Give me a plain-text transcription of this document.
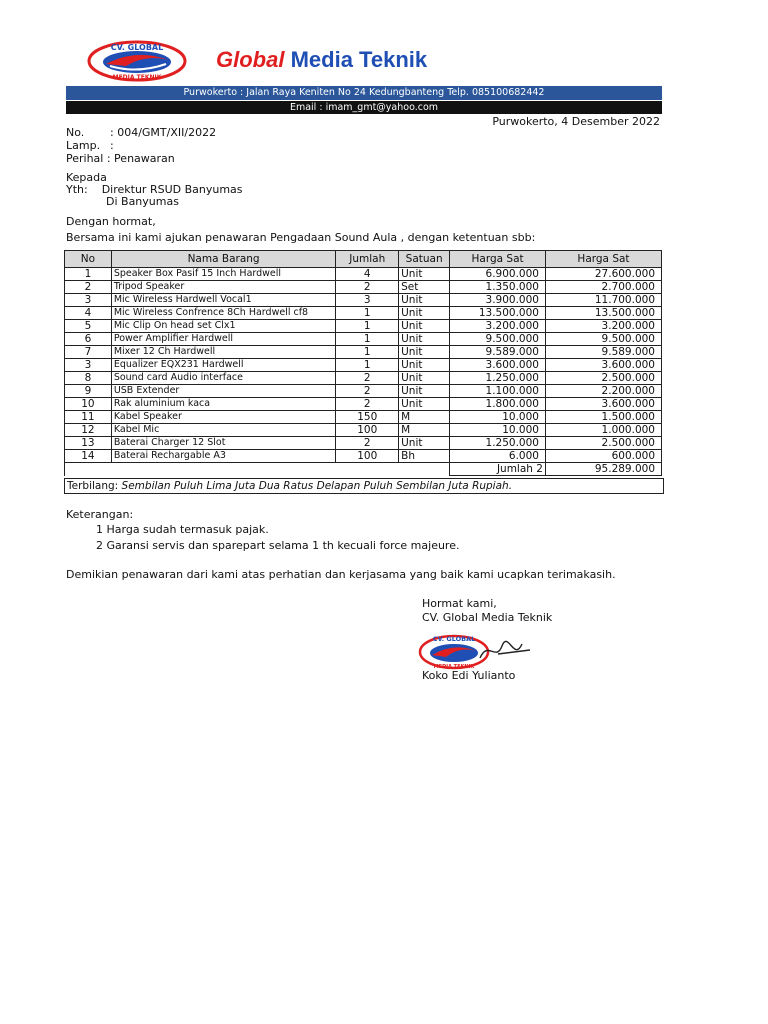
CV. GLOBAL
MEDIA TEKNIK
Global Media Teknik
Purwokerto : Jalan Raya Keniten No 24 Kedungbanteng Telp. 085100682442
Email : imam_gmt@yahoo.com
Purwokerto, 4 Desember 2022
No. : 004/GMT/XII/2022
Lamp. :
Perihal : Penawaran
Kepada
Yth:    Direktur RSUD Banyumas
Di Banyumas
Dengan hormat,
Bersama ini kami ajukan penawaran Pengadaan Sound Aula , dengan ketentuan sbb:
No	Nama Barang	Jumlah	Satuan	Harga Sat	Harga Sat
1	Speaker Box Pasif 15 Inch Hardwell	4	Unit	6.900.000	27.600.000
2	Tripod Speaker	2	Set	1.350.000	2.700.000
3	Mic Wireless Hardwell Vocal1	3	Unit	3.900.000	11.700.000
4	Mic Wireless Confrence 8Ch Hardwell cf8	1	Unit	13.500.000	13.500.000
5	Mic Clip On head set Clx1	1	Unit	3.200.000	3.200.000
6	Power Amplifier Hardwell	1	Unit	9.500.000	9.500.000
7	Mixer 12 Ch Hardwell	1	Unit	9.589.000	9.589.000
3	Equalizer EQX231 Hardwell	1	Unit	3.600.000	3.600.000
8	Sound card Audio interface	2	Unit	1.250.000	2.500.000
9	USB Extender	2	Unit	1.100.000	2.200.000
10	Rak aluminium kaca	2	Unit	1.800.000	3.600.000
11	Kabel Speaker	150	M	10.000	1.500.000
12	Kabel Mic	100	M	10.000	1.000.000
13	Baterai Charger 12 Slot	2	Unit	1.250.000	2.500.000
14	Baterai Rechargable A3	100	Bh	6.000	600.000
				Jumlah 2	95.289.000
Terbilang: Sembilan Puluh Lima Juta Dua Ratus Delapan Puluh Sembilan Juta Rupiah.
Keterangan:
1 Harga sudah termasuk pajak.
2 Garansi servis dan sparepart selama 1 th kecuali force majeure.
Demikian penawaran dari kami atas perhatian dan kerjasama yang baik kami ucapkan terimakasih.
Hormat kami,
CV. Global Media Teknik
CV. GLOBAL
MEDIA TEKNIK
Koko Edi Yulianto
